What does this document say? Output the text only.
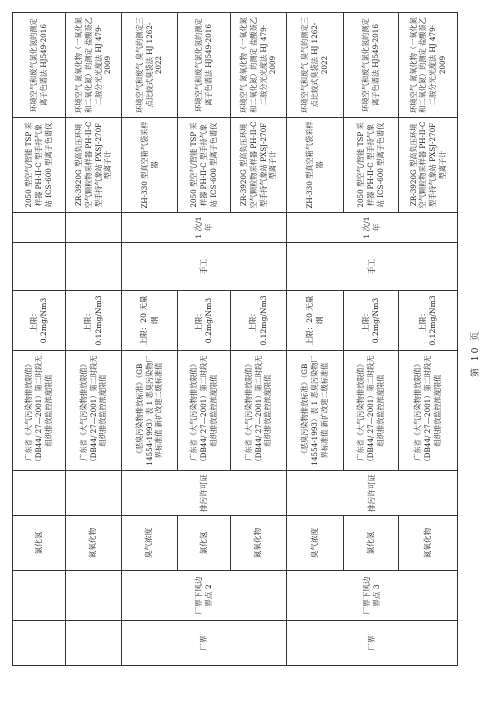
		氯化氢		广东省《大气污染物排放限值》（DB44/ 27—2001）第二时段无组织排放监控浓度限值	上限：0.2mg/Nm3			2050 型空气/智能 TSP 采样器 PH-II-C 型手持气象站 ICS-600 型离子色谱仪	环境空气和废气氯化氢的测定离子色谱法 HJ549-2016
		氮氧化物		广东省《大气污染物排放限值》（DB44/ 27—2001）第二时段无组织排放监控浓度限值	上限：0.12mg/Nm3			ZR-3920G 型高负压环境空气颗粒物采样器 PH-II-C 型手持气象站 PXSJ-270F 型离子计	环境空气 氮氧化物（一氧化氮和二氧化氮）的测定 盐酸萘乙二胺分光光度法 HJ 479-2009
厂界	厂界下风边界点 2	臭气浓度	排污许可证	《恶臭污染物排放标准》（GB 14554-1993）表 1 恶臭污染物厂界标准值 新扩改建二级标准值	上限：20 无量纲	手工	1 次/1 年	ZH-330 型真空箱气袋采样器	环境空气和废气 臭气的测定三点比较式臭袋法 HJ 1262-2022
		氯化氢		广东省《大气污染物排放限值》（DB44/ 27—2001）第二时段无组织排放监控浓度限值	上限：0.2mg/Nm3			2050 型空气/智能 TSP 采样器 PH-II-C 型手持气象站 ICS-600 型离子色谱仪	环境空气和废气氯化氢的测定离子色谱法 HJ549-2016
		氮氧化物		广东省《大气污染物排放限值》（DB44/ 27—2001）第二时段无组织排放监控浓度限值	上限：0.12mg/Nm3			ZR-3920G 型高负压环境空气颗粒物采样器 PH-II-C 型手持气象站 PXSJ-270F 型离子计	环境空气 氮氧化物（一氧化氮和二氧化氮）的测定 盐酸萘乙二胺分光光度法 HJ 479-2009
厂界	厂界下风边界点 3	臭气浓度	排污许可证	《恶臭污染物排放标准》（GB 14554-1993）表 1 恶臭污染物厂界标准值 新扩改建二级标准值	上限：20 无量纲	手工	1 次/1 年	ZH-330 型真空箱气袋采样器	环境空气和废气 臭气的测定三点比较式臭袋法 HJ 1262-2022
		氯化氢		广东省《大气污染物排放限值》（DB44/ 27—2001）第二时段无组织排放监控浓度限值	上限：0.2mg/Nm3			2050 型空气/智能 TSP 采样器 PH-II-C 型手持气象站 ICS-600 型离子色谱仪	环境空气和废气氯化氢的测定离子色谱法 HJ549-2016
		氮氧化物		广东省《大气污染物排放限值》（DB44/ 27—2001）第二时段无组织排放监控浓度限值	上限：0.12mg/Nm3			ZR-3920G 型高负压环境空气颗粒物采样器 PH-II-C 型手持气象站 PXSJ-270F 型离子计	环境空气 氮氧化物（一氧化氮和二氧化氮）的测定 盐酸萘乙二胺分光光度法 HJ 479-2009
第 10 页
